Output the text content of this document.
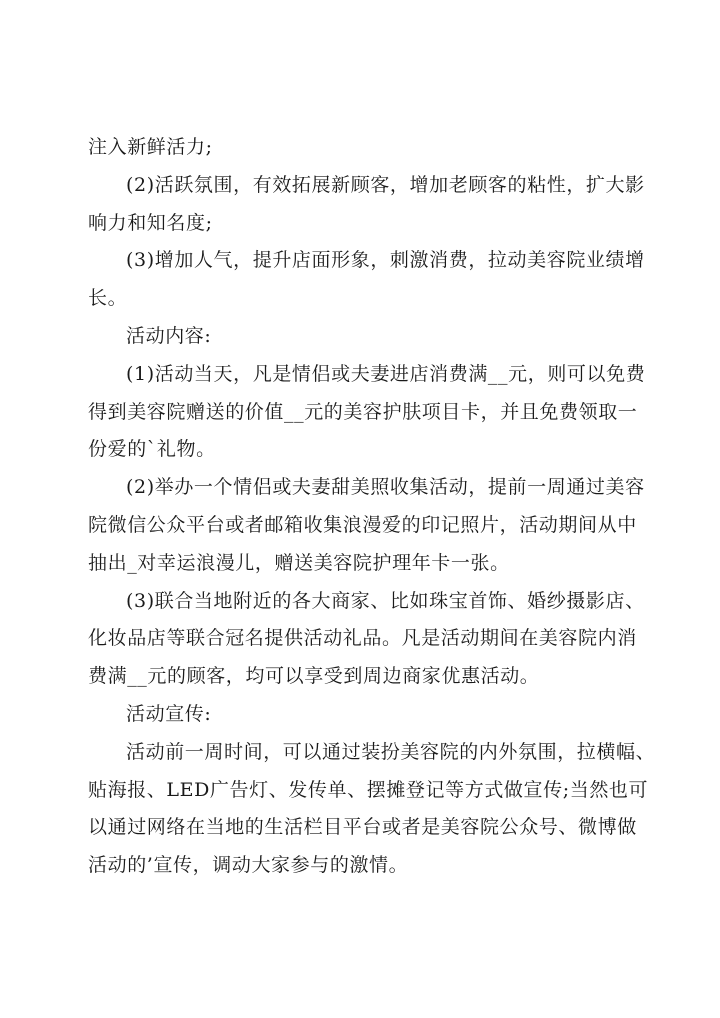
注入新鲜活力;

(2)活跃氛围，有效拓展新顾客，增加老顾客的粘性，扩大影
响力和知名度;

(3)增加人气，提升店面形象，刺激消费，拉动美容院业绩增
长。

活动内容:

(1)活动当天，凡是情侣或夫妻进店消费满__元，则可以免费
得到美容院赠送的价值__元的美容护肤项目卡，并且免费领取一
份爱的`礼物。

(2)举办一个情侣或夫妻甜美照收集活动，提前一周通过美容
院微信公众平台或者邮箱收集浪漫爱的印记照片，活动期间从中
抽出_对幸运浪漫儿，赠送美容院护理年卡一张。

(3)联合当地附近的各大商家、比如珠宝首饰、婚纱摄影店、
化妆品店等联合冠名提供活动礼品。凡是活动期间在美容院内消
费满__元的顾客，均可以享受到周边商家优惠活动。

活动宣传:

活动前一周时间，可以通过装扮美容院的内外氛围，拉横幅、
贴海报、LED广告灯、发传单、摆摊登记等方式做宣传;当然也可
以通过网络在当地的生活栏目平台或者是美容院公众号、微博做
活动的’宣传，调动大家参与的激情。
